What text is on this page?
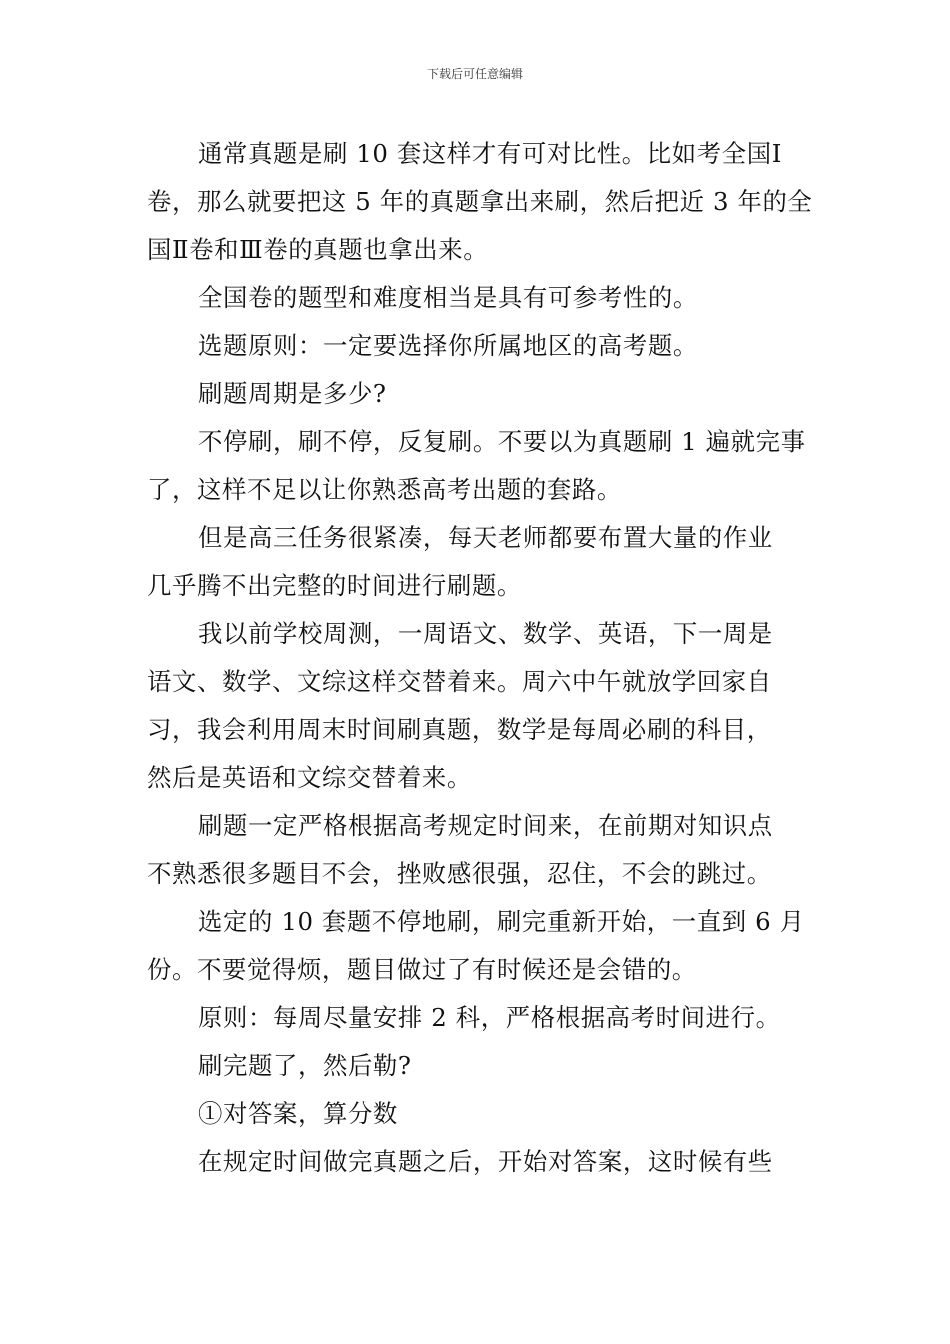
下载后可任意编辑
通常真题是刷 10 套这样才有可对比性。比如考全国Ⅰ
卷，那么就要把这 5 年的真题拿出来刷，然后把近 3 年的全
国Ⅱ卷和Ⅲ卷的真题也拿出来。
全国卷的题型和难度相当是具有可参考性的。
选题原则：一定要选择你所属地区的高考题。
刷题周期是多少?
不停刷，刷不停，反复刷。不要以为真题刷 1 遍就完事
了，这样不足以让你熟悉高考出题的套路。
但是高三任务很紧凑，每天老师都要布置大量的作业
几乎腾不出完整的时间进行刷题。
我以前学校周测，一周语文、数学、英语，下一周是
语文、数学、文综这样交替着来。周六中午就放学回家自
习，我会利用周末时间刷真题，数学是每周必刷的科目，
然后是英语和文综交替着来。
刷题一定严格根据高考规定时间来，在前期对知识点
不熟悉很多题目不会，挫败感很强，忍住，不会的跳过。
选定的 10 套题不停地刷，刷完重新开始，一直到 6 月
份。不要觉得烦，题目做过了有时候还是会错的。
原则：每周尽量安排 2 科，严格根据高考时间进行。
刷完题了，然后勒?
①对答案，算分数
在规定时间做完真题之后，开始对答案，这时候有些
